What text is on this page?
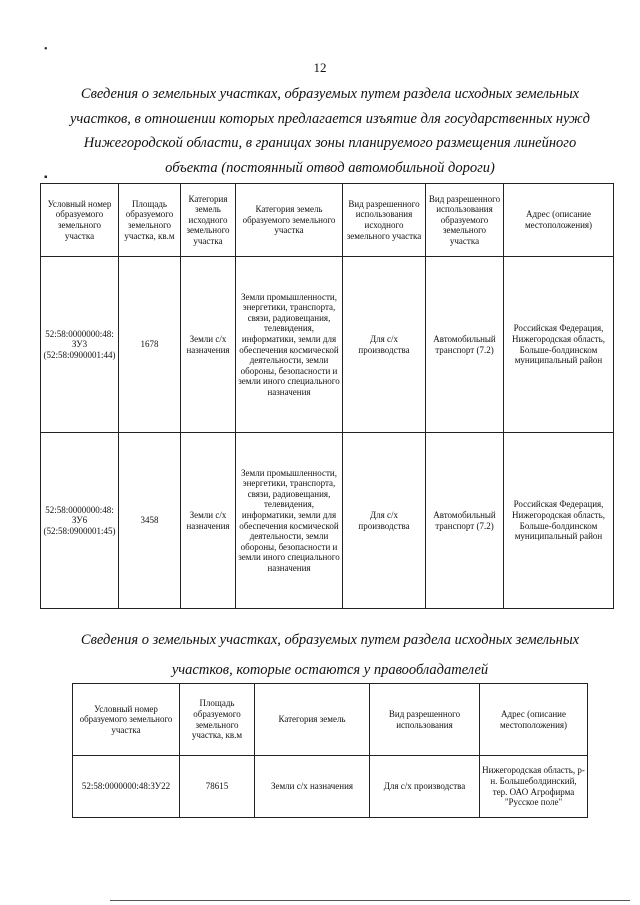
•
▪
12
Сведения о земельных участках, образуемых путем раздела исходных земельных участков, в отношении которых предлагается изъятие для государственных нужд Нижегородской области, в границах зоны планируемого размещения линейного объекта (постоянный отвод автомобильной дороги)
Условный номер образуемого земельного участка	Площадь образуемого земельного участка, кв.м	Категория земель исходного земельного участка	Категория земель образуемого земельного участка	Вид разрешенного использования исходного земельного участка	Вид разрешенного использования образуемого земельного участка	Адрес (описание местоположения)
52:58:0000000:48:ЗУ3 (52:58:0900001:44)	1678	Земли с/х назначения	Земли промышленности, энергетики, транспорта, связи, радиовещания, телевидения, информатики, земли для обеспечения космической деятельности, земли обороны, безопасности и земли иного специального назначения	Для с/х производства	Автомобильный транспорт (7.2)	Российская Федерация, Нижегородская область, Больше-болдинском муниципальный район
52:58:0000000:48:ЗУ6 (52:58:0900001:45)	3458	Земли с/х назначения	Земли промышленности, энергетики, транспорта, связи, радиовещания, телевидения, информатики, земли для обеспечения космической деятельности, земли обороны, безопасности и земли иного специального назначения	Для с/х производства	Автомобильный транспорт (7.2)	Российская Федерация, Нижегородская область, Больше-болдинском муниципальный район
Сведения о земельных участках, образуемых путем раздела исходных земельных участков, которые остаются у правообладателей
Условный номер образуемого земельного участка	Площадь образуемого земельного участка, кв.м	Категория земель	Вид разрешенного использования	Адрес (описание местоположения)
52:58:0000000:48:ЗУ22	78615	Земли с/х назначения	Для с/х производства	Нижегородская область, р-н. Большеболдинский, тер. ОАО Агрофирма "Русское поле"
